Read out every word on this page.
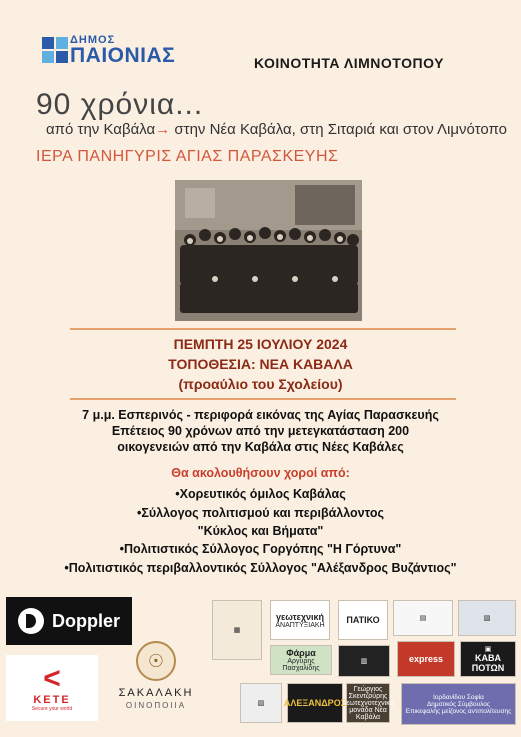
ΔΗΜΟΣ
ΠΑΙΟΝΙΑΣ	ΚΟΙΝΟΤΗΤΑ ΛΙΜΝΟΤΟΠΟΥ
90 χρόνια...
από την Καβάλα→ στην Νέα Καβάλα, στη Σιταριά και στον Λιμνότοπο
ΙΕΡΑ ΠΑΝΗΓΥΡΙΣ ΑΓΙΑΣ ΠΑΡΑΣΚΕΥΗΣ
ΠΕΜΠΤΗ 25 ΙΟΥΛΙΟΥ 2024
ΤΟΠΟΘΕΣΙΑ: ΝΕΑ ΚΑΒΑΛΑ
(προαύλιο του Σχολείου)
7 μ.μ. Εσπερινός - περιφορά εικόνας της Αγίας Παρασκευής
Επέτειος 90 χρόνων από την μετεγκατάσταση 200
οικογενειών από την Καβάλα στις Νέες Καβάλες
Θα ακολουθήσουν χοροί από:
•Χορευτικός όμιλος Καβάλας
•Σύλλογος πολιτισμού και περιβάλλοντος
"Κύκλος και Βήματα"
•Πολιτιστικός Σύλλογος Γοργόπης "Η Γόρτυνα"
•Πολιτιστικός περιβαλλοντικός Σύλλογος "Αλέξανδρος Βυζάντιος"
Doppler
<
KETE
Secure your world
☉
ΣΑΚΑΛΑΚΗ
ΟΙΝΟΠΟΙΙΑ
▦
γεωτεχνική
ΑΝΑΠΤΥΞΙΑΚΗ ΠΑΤΙΚΟ	▤	▧
Φάρμα
Αργύρης Πασχαλίδης
▥	express
▣
ΚΑΒΑ ΠΟΤΩΝ
▨ ΑΛΕΞΑΝΔΡΟΣ
Γεώργιος Σκεντζούρης Γεωτεχνοτεχνική μονάδα Νέα Καβάλα
Ιορδανίδου Σοφία
Δημοτικός Σύμβουλος
Επικεφαλής μείζονος αντιπολίτευσης
